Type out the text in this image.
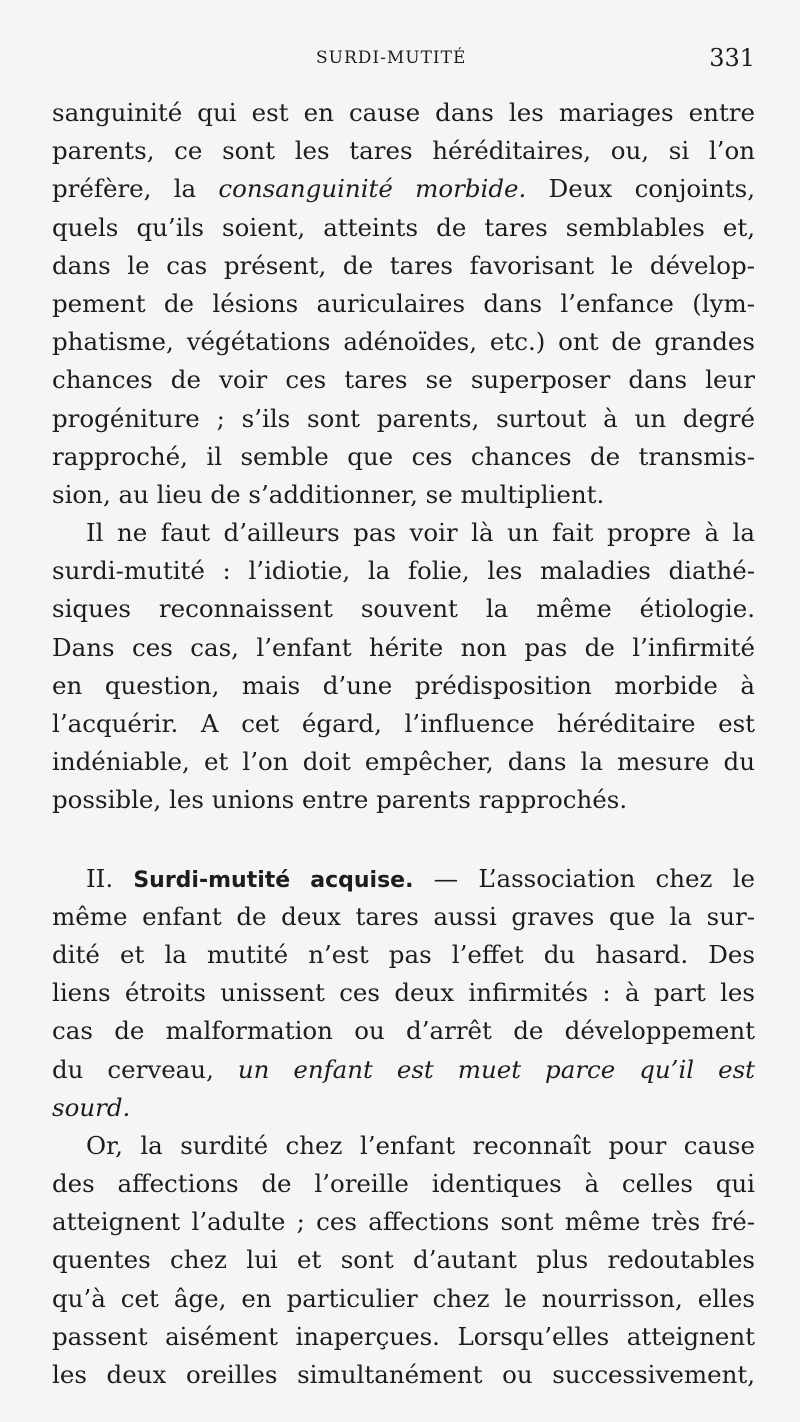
SURDI-MUTITÉ	331
sanguinité qui est en cause dans les mariages entre
parents, ce sont les tares héréditaires, ou, si l’on
préfère, la consanguinité morbide. Deux conjoints,
quels qu’ils soient, atteints de tares semblables et,
dans le cas présent, de tares favorisant le dévelop-
pement de lésions auriculaires dans l’enfance (lym-
phatisme, végétations adénoïdes, etc.) ont de grandes
chances de voir ces tares se superposer dans leur
progéniture ; s’ils sont parents, surtout à un degré
rapproché, il semble que ces chances de transmis-
sion, au lieu de s’additionner, se multiplient.
Il ne faut d’ailleurs pas voir là un fait propre à la
surdi-mutité : l’idiotie, la folie, les maladies diathé-
siques reconnaissent souvent la même étiologie.
Dans ces cas, l’enfant hérite non pas de l’infirmité
en question, mais d’une prédisposition morbide à
l’acquérir. A cet égard, l’influence héréditaire est
indéniable, et l’on doit empêcher, dans la mesure du
possible, les unions entre parents rapprochés.
II. Surdi-mutité acquise. — L’association chez le
même enfant de deux tares aussi graves que la sur-
dité et la mutité n’est pas l’effet du hasard. Des
liens étroits unissent ces deux infirmités : à part les
cas de malformation ou d’arrêt de développement
du cerveau, un enfant est muet parce qu’il est
sourd.
Or, la surdité chez l’enfant reconnaît pour cause
des affections de l’oreille identiques à celles qui
atteignent l’adulte ; ces affections sont même très fré-
quentes chez lui et sont d’autant plus redoutables
qu’à cet âge, en particulier chez le nourrisson, elles
passent aisément inaperçues. Lorsqu’elles atteignent
les deux oreilles simultanément ou successivement,
